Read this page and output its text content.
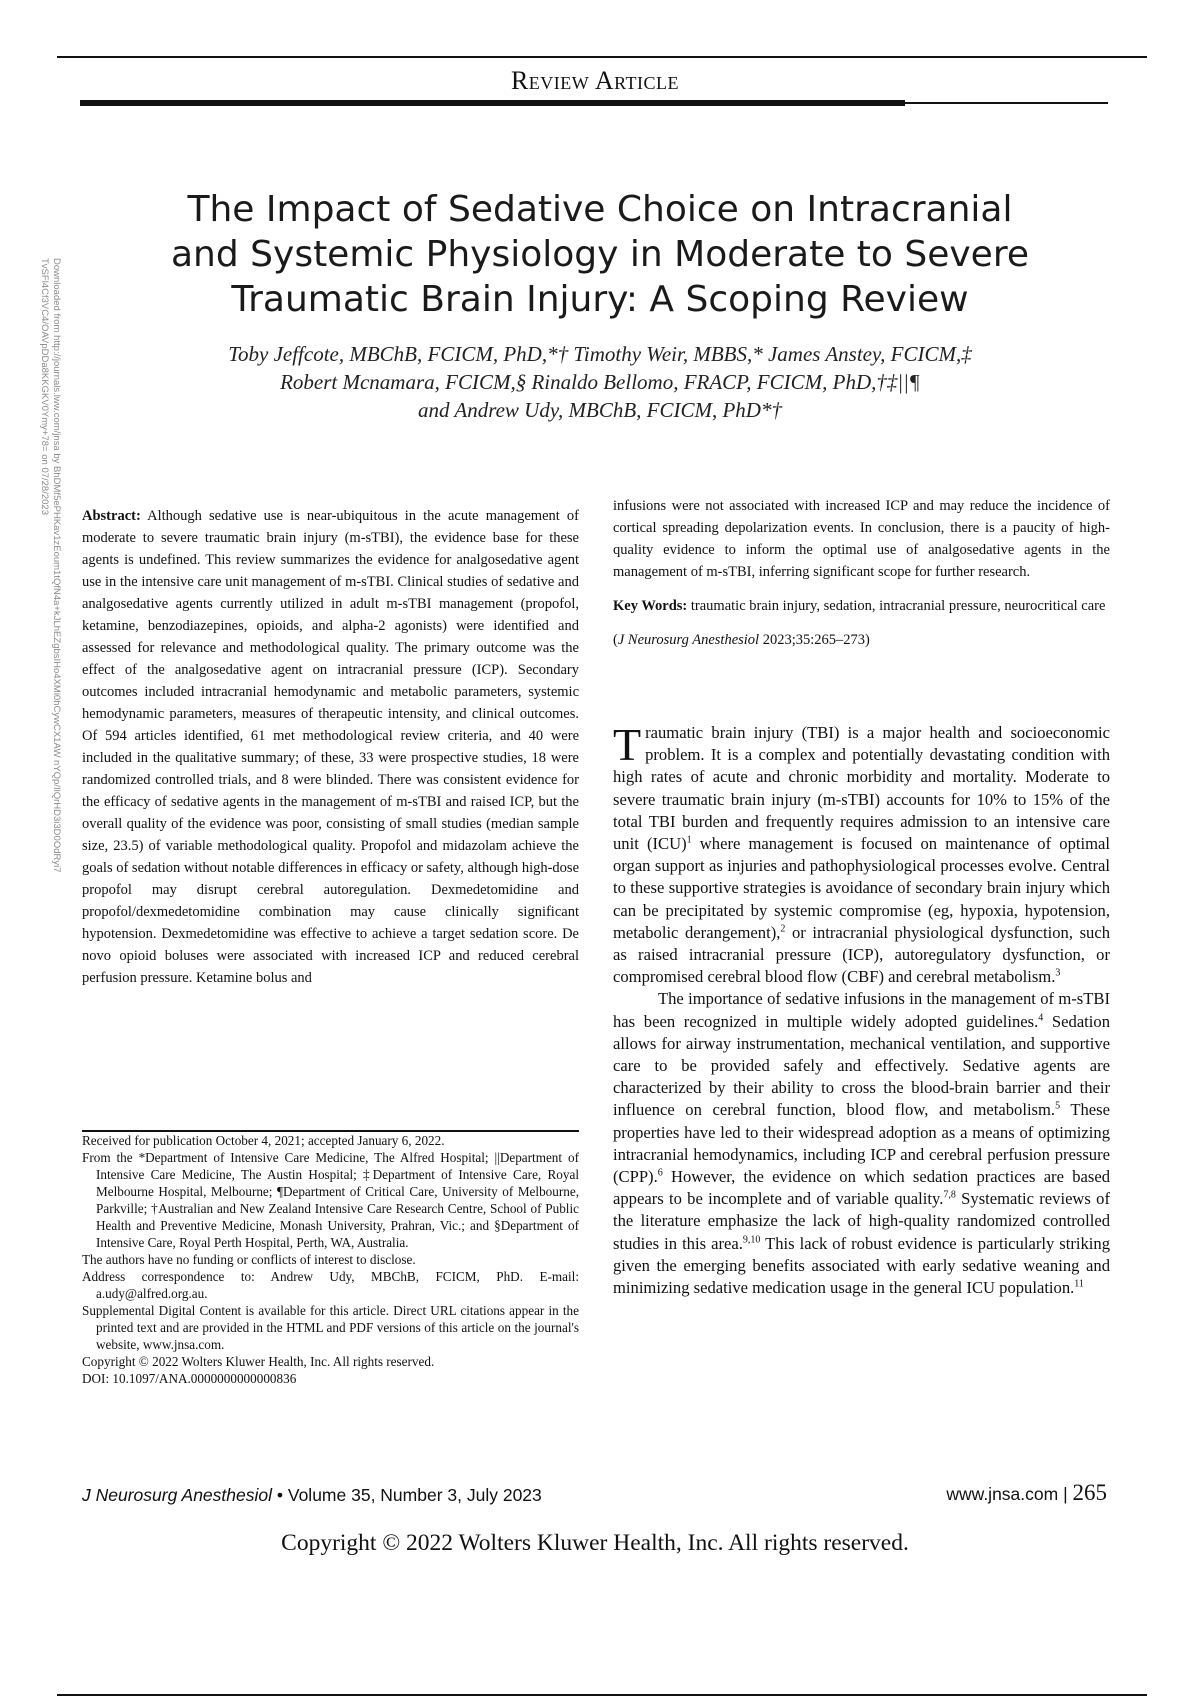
Review Article
Downloaded from http://journals.lww.com/jnsa by BhDMf5ePHKav1zEoum1tQfN4a+kJLhEZgbsIHo4XMi0hCywCX1AW nYQp/IlQrHD3i3D0OdRyi7TvSFl4Cf3VC4/OAVpDDa8KKGKV0Ymy+78= on 07/28/2023
The Impact of Sedative Choice on Intracranial
and Systemic Physiology in Moderate to Severe
Traumatic Brain Injury: A Scoping Review
Toby Jeffcote, MBChB, FCICM, PhD,*† Timothy Weir, MBBS,* James Anstey, FCICM,‡
Robert Mcnamara, FCICM,§ Rinaldo Bellomo, FRACP, FCICM, PhD,†‡||¶
and Andrew Udy, MBChB, FCICM, PhD*†

Abstract: Although sedative use is near-ubiquitous in the acute management of moderate to severe traumatic brain injury (m-sTBI), the evidence base for these agents is undefined. This review summarizes the evidence for analgosedative agent use in the intensive care unit management of m-sTBI. Clinical studies of sedative and analgosedative agents currently utilized in adult m-sTBI management (propofol, ketamine, benzodiazepines, opioids, and alpha-2 agonists) were identified and assessed for relevance and methodological quality. The primary outcome was the effect of the analgosedative agent on intracranial pressure (ICP). Secondary outcomes included intracranial hemodynamic and metabolic parameters, systemic hemodynamic parameters, measures of therapeutic intensity, and clinical outcomes. Of 594 articles identified, 61 met methodological review criteria, and 40 were included in the qualitative summary; of these, 33 were prospective studies, 18 were randomized controlled trials, and 8 were blinded. There was consistent evidence for the efficacy of sedative agents in the management of m-sTBI and raised ICP, but the overall quality of the evidence was poor, consisting of small studies (median sample size, 23.5) of variable methodological quality. Propofol and midazolam achieve the goals of sedation without notable differences in efficacy or safety, although high-dose propofol may disrupt cerebral autoregulation. Dexmedetomidine and propofol/dexmedetomidine combination may cause clinically significant hypotension. Dexmedetomidine was effective to achieve a target sedation score. De novo opioid boluses were associated with increased ICP and reduced cerebral perfusion pressure. Ketamine bolus and

Received for publication October 4, 2021; accepted January 6, 2022.

From the *Department of Intensive Care Medicine, The Alfred Hospital; ||Department of Intensive Care Medicine, The Austin Hospital; ‡Department of Intensive Care, Royal Melbourne Hospital, Melbourne; ¶Department of Critical Care, University of Melbourne, Parkville; †Australian and New Zealand Intensive Care Research Centre, School of Public Health and Preventive Medicine, Monash University, Prahran, Vic.; and §Department of Intensive Care, Royal Perth Hospital, Perth, WA, Australia.

The authors have no funding or conflicts of interest to disclose.

Address correspondence to: Andrew Udy, MBChB, FCICM, PhD. E-mail: a.udy@alfred.org.au.

Supplemental Digital Content is available for this article. Direct URL citations appear in the printed text and are provided in the HTML and PDF versions of this article on the journal's website, www.jnsa.com.

Copyright © 2022 Wolters Kluwer Health, Inc. All rights reserved.

DOI: 10.1097/ANA.0000000000000836

infusions were not associated with increased ICP and may reduce the incidence of cortical spreading depolarization events. In conclusion, there is a paucity of high-quality evidence to inform the optimal use of analgosedative agents in the management of m-sTBI, inferring significant scope for further research.

Key Words: traumatic brain injury, sedation, intracranial pressure, neurocritical care

(J Neurosurg Anesthesiol 2023;35:265–273)

Traumatic brain injury (TBI) is a major health and socioeconomic problem. It is a complex and potentially devastating condition with high rates of acute and chronic morbidity and mortality. Moderate to severe traumatic brain injury (m-sTBI) accounts for 10% to 15% of the total TBI burden and frequently requires admission to an intensive care unit (ICU)$^1$ where management is focused on maintenance of optimal organ support as injuries and pathophysiological processes evolve. Central to these supportive strategies is avoidance of secondary brain injury which can be precipitated by systemic compromise (eg, hypoxia, hypotension, metabolic derangement),$^2$ or intracranial physiological dysfunction, such as raised intracranial pressure (ICP), autoregulatory dysfunction, or compromised cerebral blood flow (CBF) and cerebral metabolism.$^3$

The importance of sedative infusions in the management of m-sTBI has been recognized in multiple widely adopted guidelines.$^4$ Sedation allows for airway instrumentation, mechanical ventilation, and supportive care to be provided safely and effectively. Sedative agents are characterized by their ability to cross the blood-brain barrier and their influence on cerebral function, blood flow, and metabolism.$^5$ These properties have led to their widespread adoption as a means of optimizing intracranial hemodynamics, including ICP and cerebral perfusion pressure (CPP).$^6$ However, the evidence on which sedation practices are based appears to be incomplete and of variable quality.$^{7,8}$ Systematic reviews of the literature emphasize the lack of high-quality randomized controlled studies in this area.$^{9,10}$ This lack of robust evidence is particularly striking given the emerging benefits associated with early sedative weaning and minimizing sedative medication usage in the general ICU population.$^{11}$

J Neurosurg Anesthesiol • Volume 35, Number 3, July 2023	www.jnsa.com | 265
Copyright © 2022 Wolters Kluwer Health, Inc. All rights reserved.
